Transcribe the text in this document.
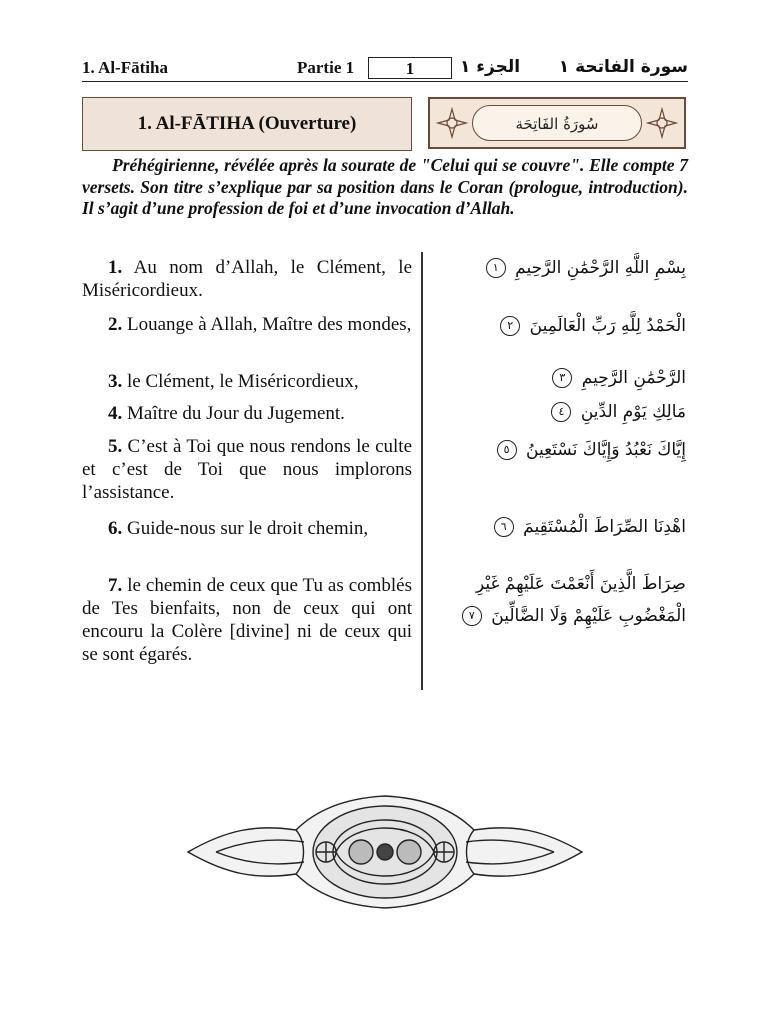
1. Al-Fātiha	Partie 1	1	الجزء ١ سورة الفاتحة ١
1. Al-FĀTIHA (Ouverture)	سُورَةُ الفَاتِحَة
Préhégirienne, révélée après la sourate de "Celui qui se couvre". Elle compte 7 versets. Son titre s’explique par sa position dans le Coran (prologue, introduction). Il s’agit d’une profession de foi et d’une invocation d’Allah.
1. Au nom d’Allah, le Clément, le Miséricordieux.
2. Louange à Allah, Maître des mondes,
3. le Clément, le Miséricordieux,
4. Maître du Jour du Jugement.
5. C’est à Toi que nous rendons le culte et c’est de Toi que nous implorons l’assistance.
6. Guide-nous sur le droit chemin,
7. le chemin de ceux que Tu as comblés de Tes bienfaits, non de ceux qui ont encouru la Colère [divine] ni de ceux qui se sont égarés.
بِسْمِ اللَّهِ الرَّحْمَٰنِ الرَّحِيمِ ١
الْحَمْدُ لِلَّهِ رَبِّ الْعَالَمِينَ ٢
الرَّحْمَٰنِ الرَّحِيمِ ٣
مَالِكِ يَوْمِ الدِّينِ ٤
إِيَّاكَ نَعْبُدُ وَإِيَّاكَ نَسْتَعِينُ ٥
اهْدِنَا الصِّرَاطَ الْمُسْتَقِيمَ ٦
صِرَاطَ الَّذِينَ أَنْعَمْتَ عَلَيْهِمْ غَيْرِ
الْمَغْضُوبِ عَلَيْهِمْ وَلَا الضَّالِّينَ ٧
